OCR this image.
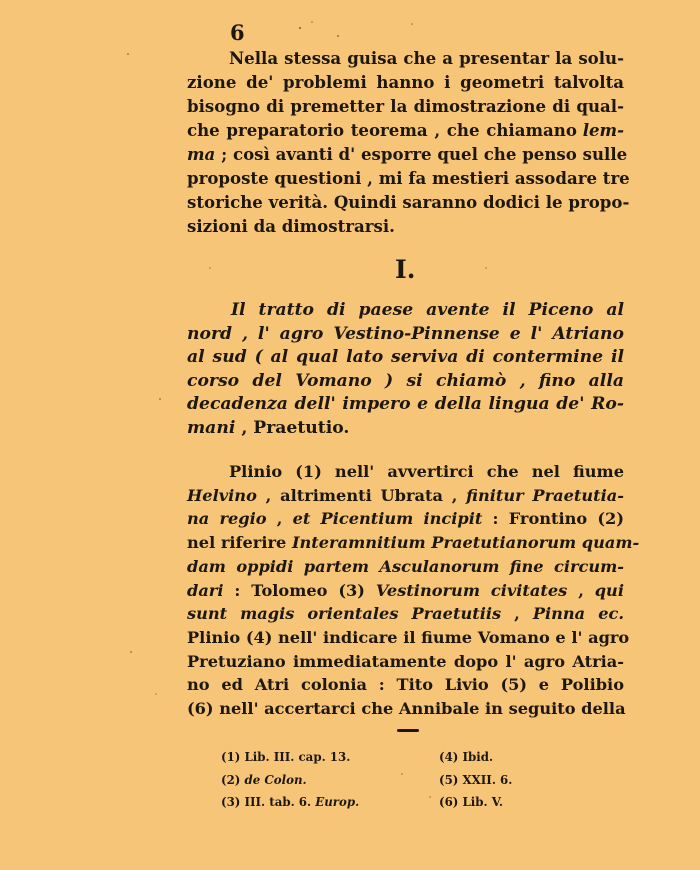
6
Nella stessa guisa che a presentar la solu-
zione de' problemi hanno i geometri talvolta
bisogno di premetter la dimostrazione di qual-
che preparatorio teorema , che chiamano lem-
ma ; così avanti d' esporre quel che penso sulle
proposte questioni , mi fa mestieri assodare tre
storiche verità. Quindi saranno dodici le propo-
sizioni da dimostrarsi.
I.
Il tratto di paese avente il Piceno al
nord , l' agro Vestino-Pinnense e l' Atriano
al sud ( al qual lato serviva di contermine il
corso del Vomano ) si chiamò , fino alla
decadenza dell' impero e della lingua de' Ro-
mani , Praetutio.
Plinio (1) nell' avvertirci che nel fiume
Helvino , altrimenti Ubrata , finitur Praetutia-
na regio , et Picentium incipit : Frontino (2)
nel riferire Interamnitium Praetutianorum quam-
dam oppidi partem Asculanorum fine circum-
dari : Tolomeo (3) Vestinorum civitates , qui
sunt magis orientales Praetutiis , Pinna ec.
Plinio (4) nell' indicare il fiume Vomano e l' agro
Pretuziano immediatamente dopo l' agro Atria-
no ed Atri colonia : Tito Livio (5) e Polibio
(6) nell' accertarci che Annibale in seguito della
(1) Lib. III. cap. 13.
(2) de Colon.
(3) III. tab. 6. Europ.
(4) Ibid.
(5) XXII. 6.
(6) Lib. V.
